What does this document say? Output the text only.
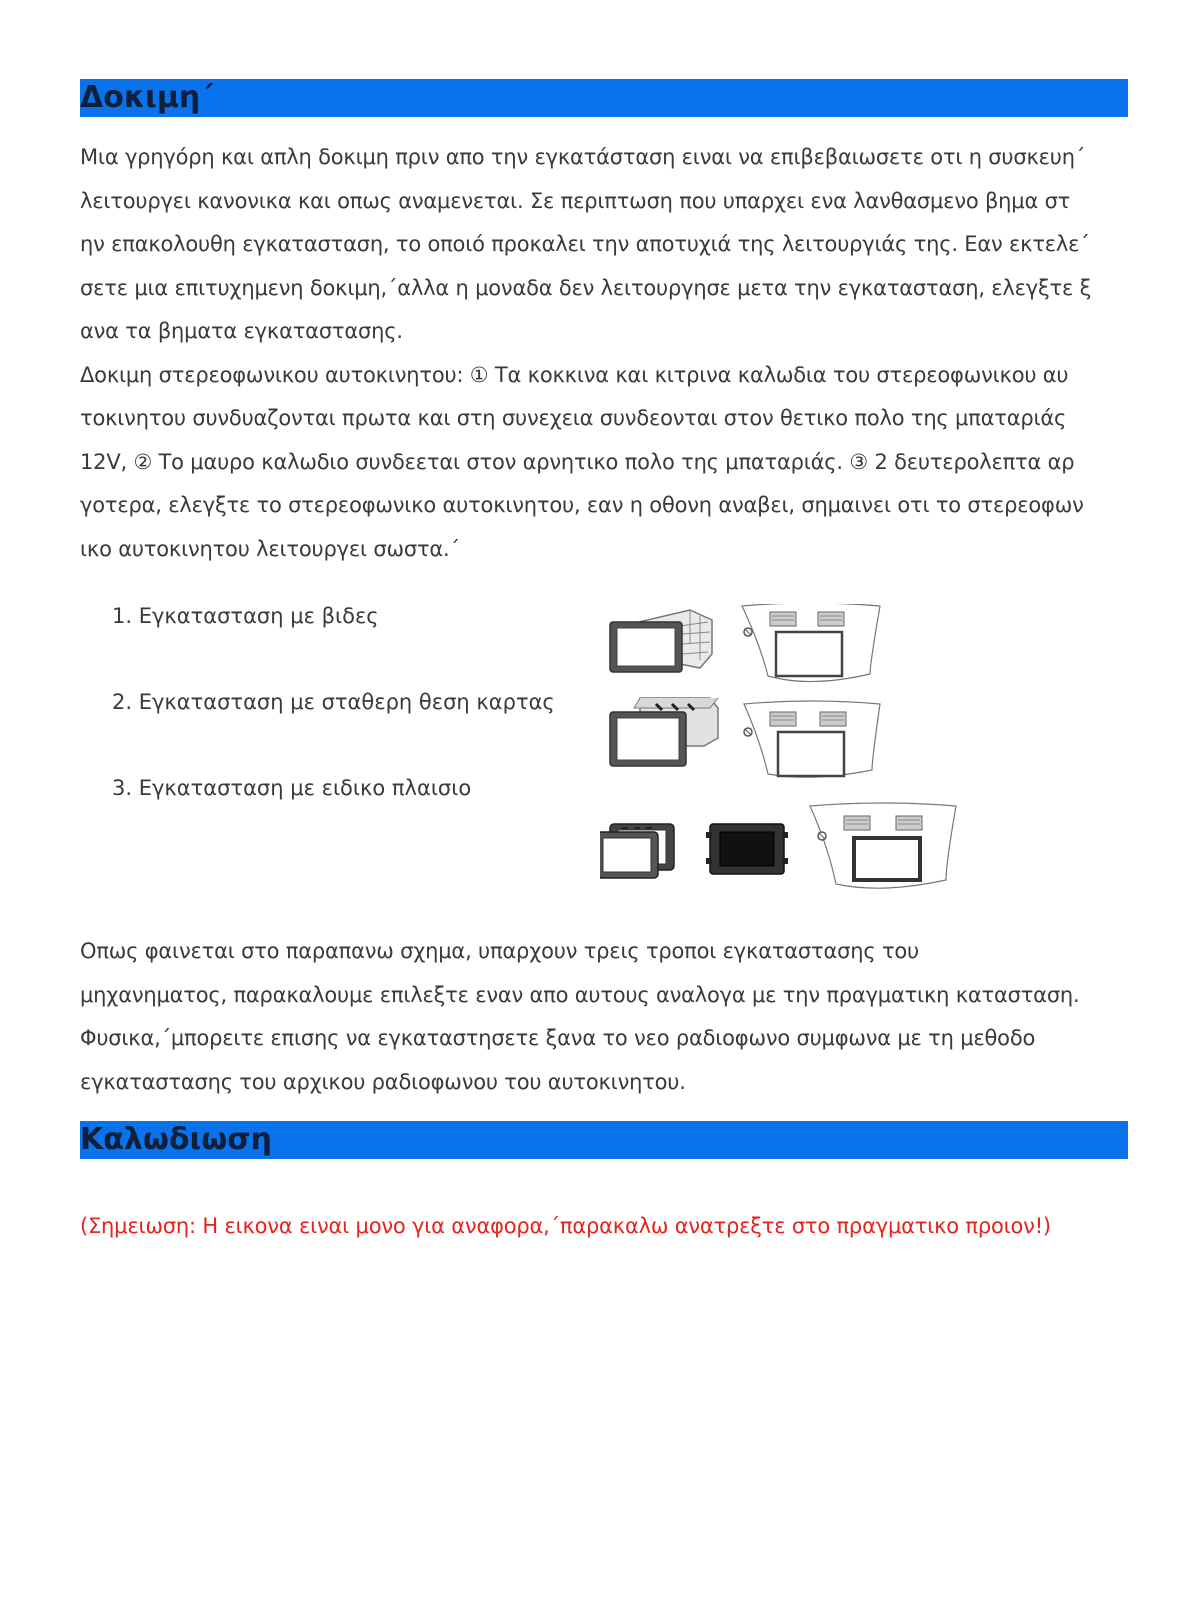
Δοκιμη΄
Μια γρηγόρη και απλη δοκιμη πριν απο την εγκατάσταση ειναι να επιβεβαιωσετε οτι η συσκευη΄
λειτουργει κανονικα και οπως αναμενεται. Σε περιπτωση που υπαρχει ενα λανθασμενο βημα στ
ην επακολουθη εγκατασταση, το οποιό προκαλει την αποτυχιά της λειτουργιάς της. Εαν εκτελε΄
σετε μια επιτυχημενη δοκιμη,΄αλλα η μοναδα δεν λειτουργησε μετα την εγκατασταση, ελεγξτε ξ
ανα τα βηματα εγκαταστασης.
Δοκιμη στερεοφωνικου αυτοκινητου: ① Τα κοκκινα και κιτρινα καλωδια του στερεοφωνικου αυ
τοκινητου συνδυαζονται πρωτα και στη συνεχεια συνδεονται στον θετικο πολο της μπαταριάς
12V, ② Το μαυρο καλωδιο συνδεεται στον αρνητικο πολο της μπαταριάς. ③ 2 δευτερολεπτα αρ
γοτερα, ελεγξτε το στερεοφωνικο αυτοκινητου, εαν η οθονη αναβει, σημαινει οτι το στερεοφων
ικο αυτοκινητου λειτουργει σωστα.΄
1. Εγκατασταση με βιδες
2. Εγκατασταση με σταθερη θεση καρτας
3. Εγκατασταση με ειδικο πλαισιο
Οπως φαινεται στο παραπανω σχημα, υπαρχουν τρεις τροποι εγκαταστασης του
μηχανηματος, παρακαλουμε επιλεξτε εναν απο αυτους αναλογα με την πραγματικη κατασταση.
Φυσικα,΄μπορειτε επισης να εγκαταστησετε ξανα το νεο ραδιοφωνο συμφωνα με τη μεθοδο
εγκαταστασης του αρχικου ραδιοφωνου του αυτοκινητου.
Καλωδιωση
(Σημειωση: Η εικονα ειναι μονο για αναφορα,΄παρακαλω ανατρεξτε στο πραγματικο προιον!)
